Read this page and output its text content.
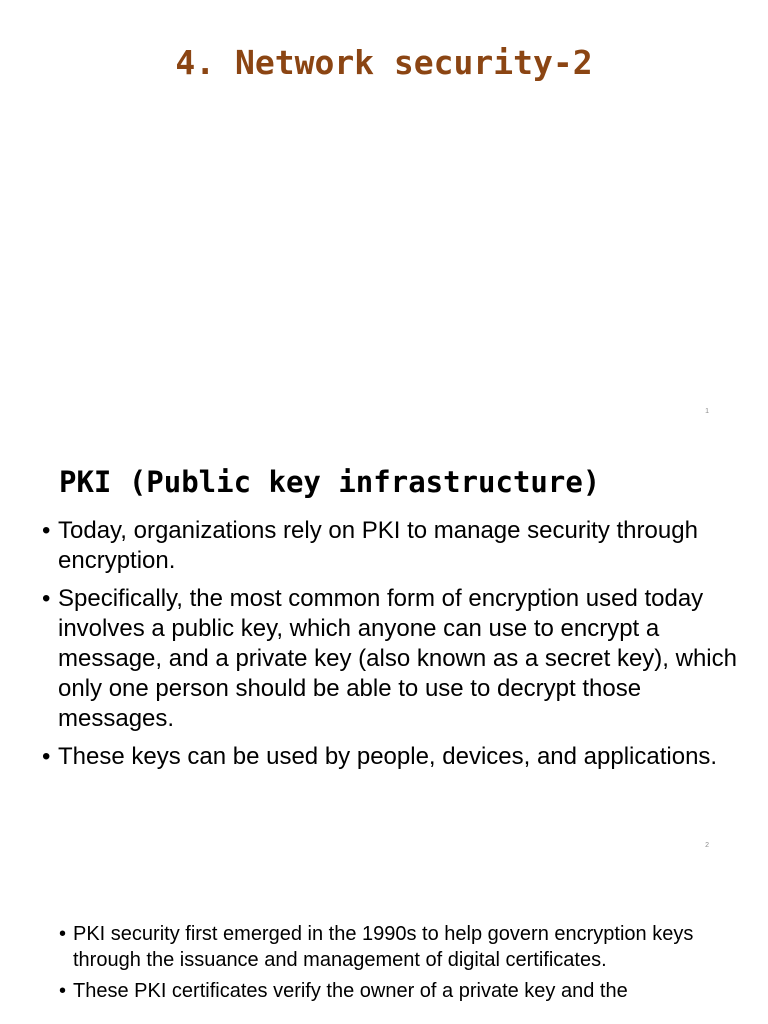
4. Network security-2
1
PKI (Public key infrastructure)
• Today, organizations rely on PKI to manage security through encryption.
• Specifically, the most common form of encryption used today involves a public key, which anyone can use to encrypt a message, and a private key (also known as a secret key), which only one person should be able to use to decrypt those messages.
• These keys can be used by people, devices, and applications.
2
• PKI security first emerged in the 1990s to help govern encryption keys through the issuance and management of digital certificates.
• These PKI certificates verify the owner of a private key and the
